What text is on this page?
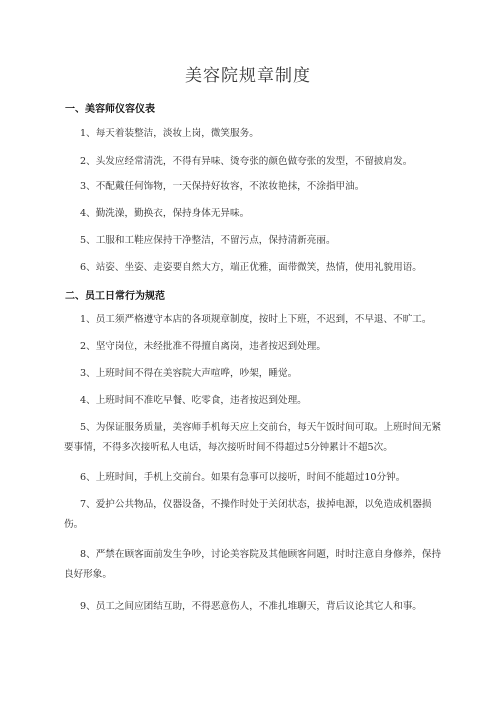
美容院规章制度
一、美容师仪容仪表
1、每天着装整洁，淡妆上岗，微笑服务。
2、头发应经常清洗，不得有异味、烫夸张的颜色做夸张的发型，不留披肩发。
3、不配戴任何饰物，一天保持好妆容，不浓妆艳抹，不涂指甲油。
4、勤洗澡，勤换衣，保持身体无异味。
5、工服和工鞋应保持干净整洁，不留污点，保持清新亮丽。
6、站姿、坐姿、走姿要自然大方，端正优雅，面带微笑，热情，使用礼貌用语。
二、员工日常行为规范
1、员工须严格遵守本店的各项规章制度，按时上下班，不迟到，不早退、不旷工。
2、坚守岗位，未经批准不得擅自离岗，违者按迟到处理。
3、上班时间不得在美容院大声喧哗，吵架，睡觉。
4、上班时间不准吃早餐、吃零食，违者按迟到处理。
5、为保证服务质量，美容师手机每天应上交前台，每天午饭时间可取。上班时间无紧要事情，不得多次接听私人电话，每次接听时间不得超过5分钟累计不超5次。
6、上班时间，手机上交前台。如果有急事可以接听，时间不能超过10分钟。
7、爱护公共物品，仪器设备，不操作时处于关闭状态，拔掉电源，以免造成机器损伤。
8、严禁在顾客面前发生争吵，讨论美容院及其他顾客问题，时时注意自身修养，保持良好形象。
9、员工之间应团结互助，不得恶意伤人，不准扎堆聊天，背后议论其它人和事。
